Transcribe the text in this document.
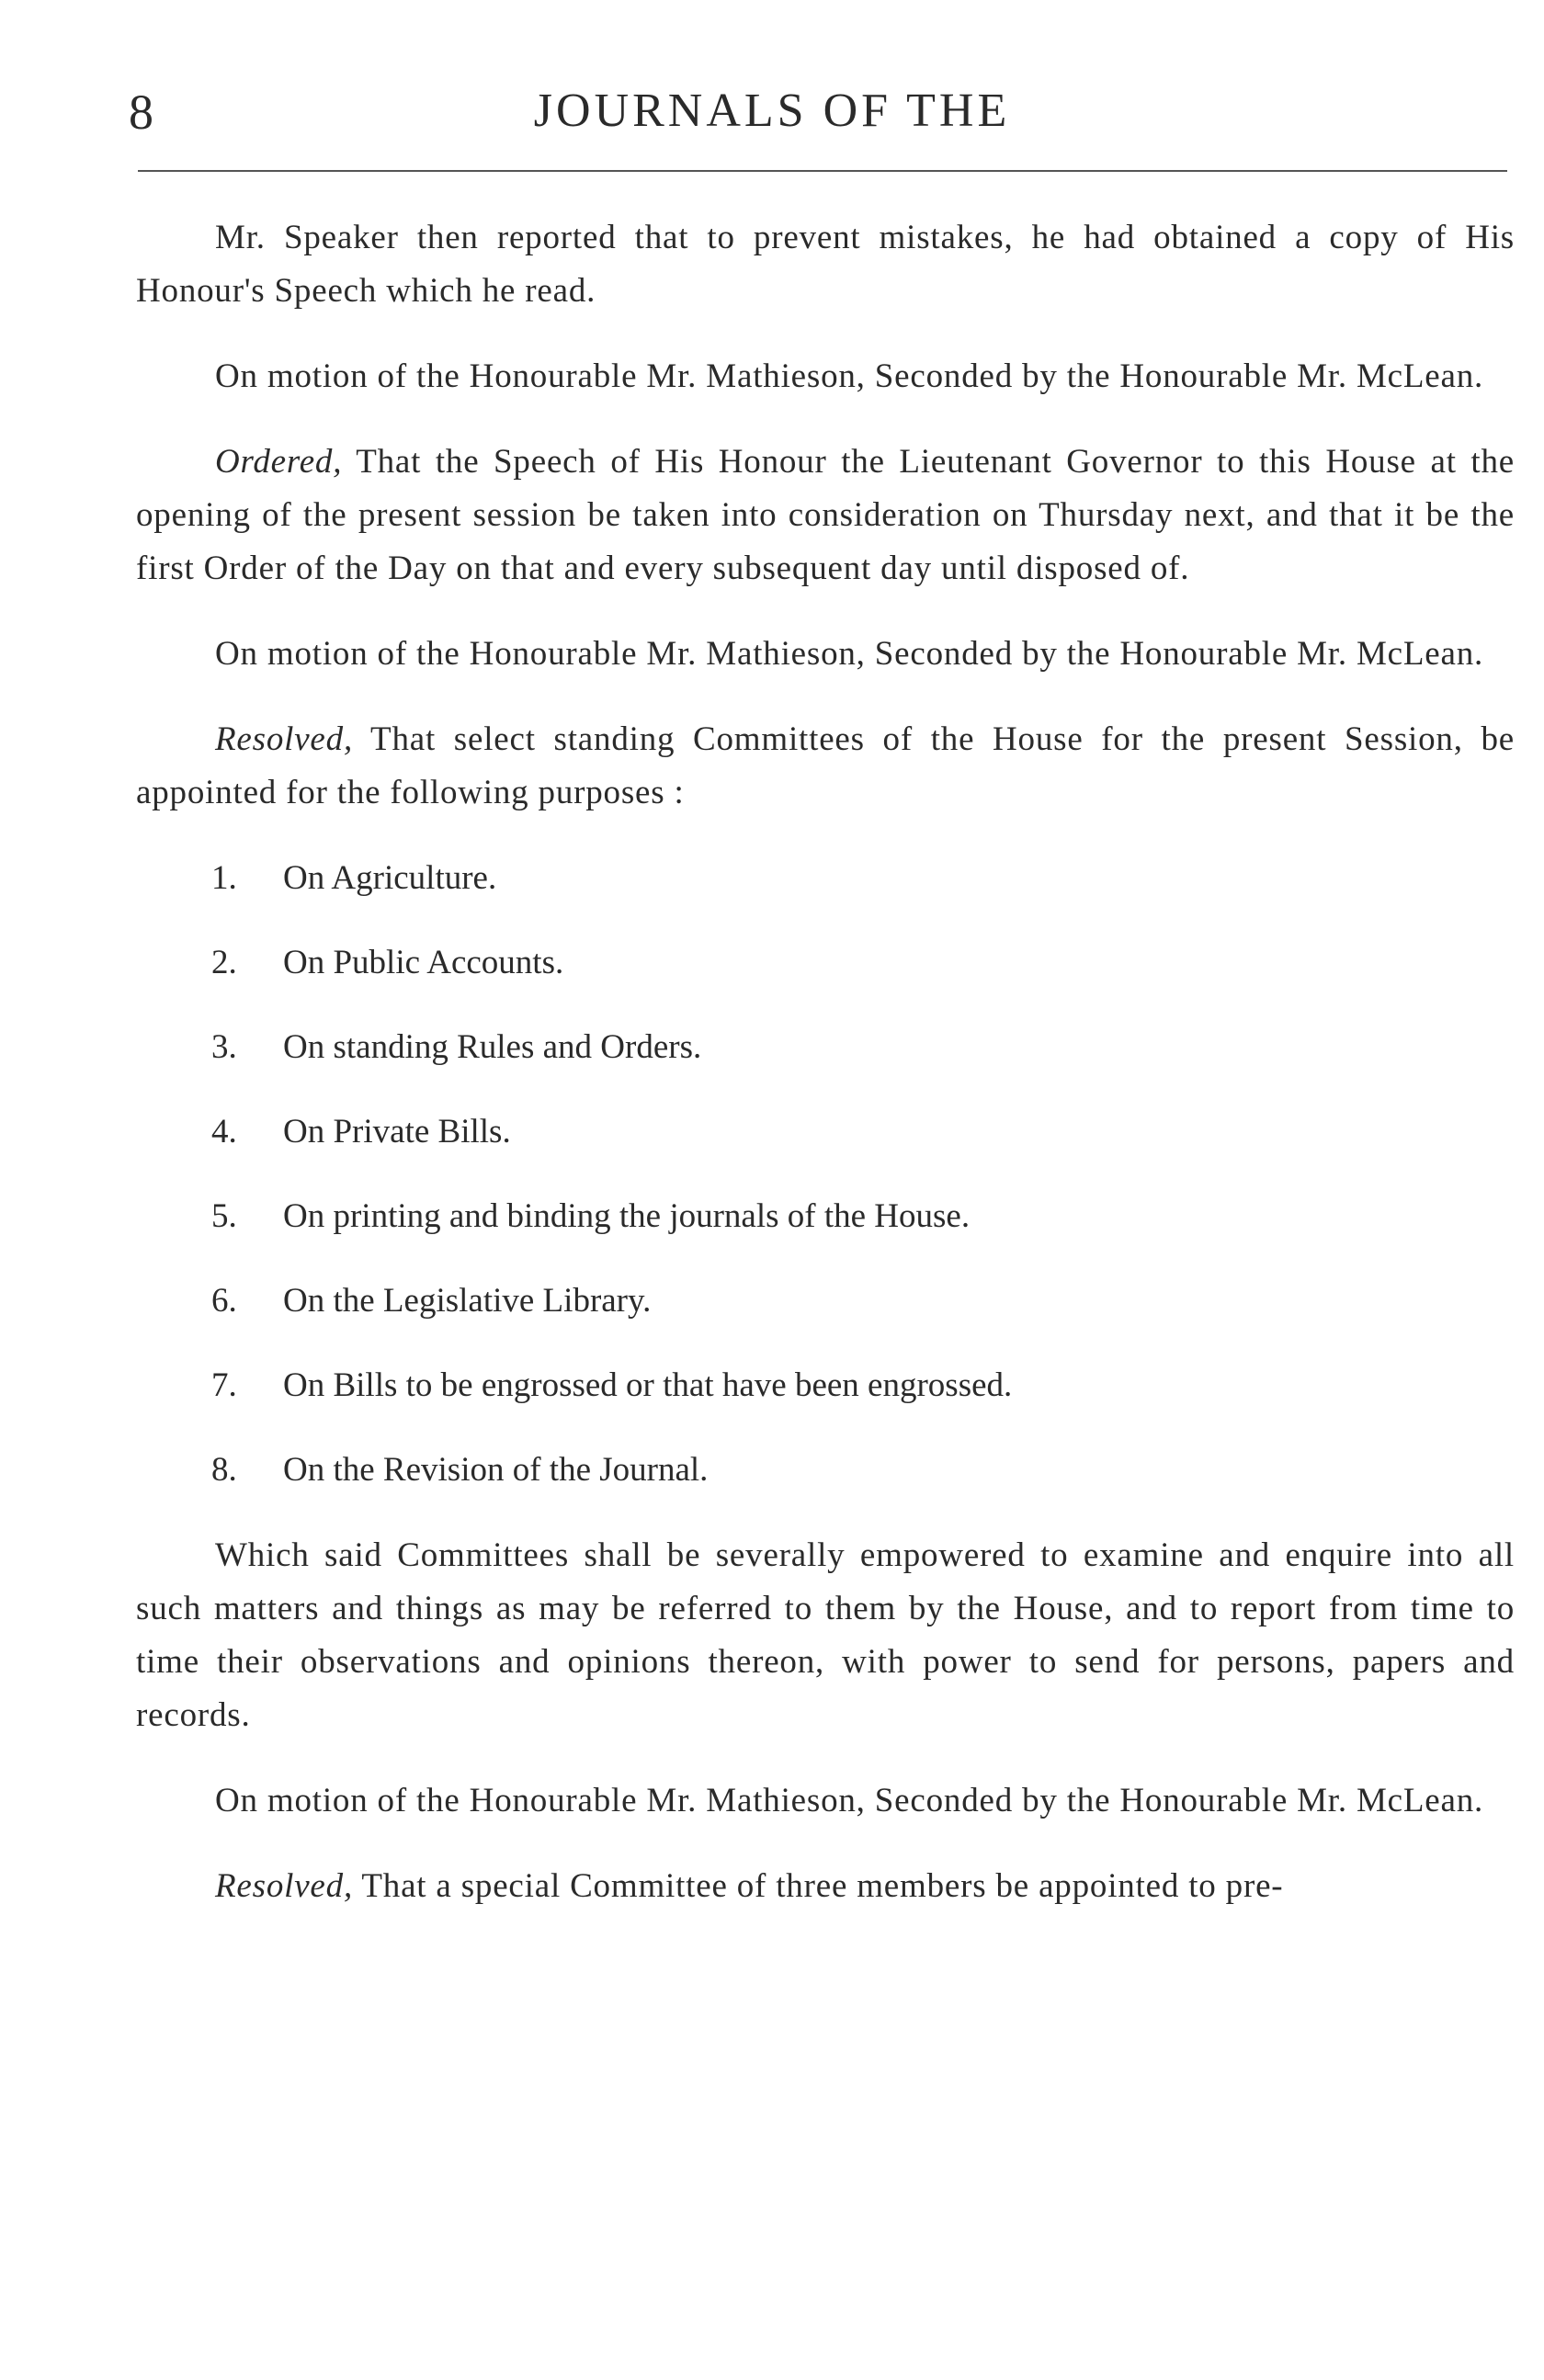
8	JOURNALS OF THE

Mr. Speaker then reported that to prevent mistakes, he had obtained a copy of His Honour's Speech which he read.

On motion of the Honourable Mr. Mathieson, Seconded by the Honourable Mr. McLean.

Ordered, That the Speech of His Honour the Lieutenant Governor to this House at the opening of the present session be taken into consideration on Thursday next, and that it be the first Order of the Day on that and every subsequent day until disposed of.

On motion of the Honourable Mr. Mathieson, Seconded by the Honourable Mr. McLean.

Resolved, That select standing Committees of the House for the present Session, be appointed for the following purposes :

1. On Agriculture.
2. On Public Accounts.
3. On standing Rules and Orders.
4. On Private Bills.
5. On printing and binding the journals of the House.
6. On the Legislative Library.
7. On Bills to be engrossed or that have been engrossed.
8. On the Revision of the Journal.

Which said Committees shall be severally empowered to examine and enquire into all such matters and things as may be referred to them by the House, and to report from time to time their observations and opinions thereon, with power to send for persons, papers and records.

On motion of the Honourable Mr. Mathieson, Seconded by the Honourable Mr. McLean.

Resolved, That a special Committee of three members be appointed to pre-
